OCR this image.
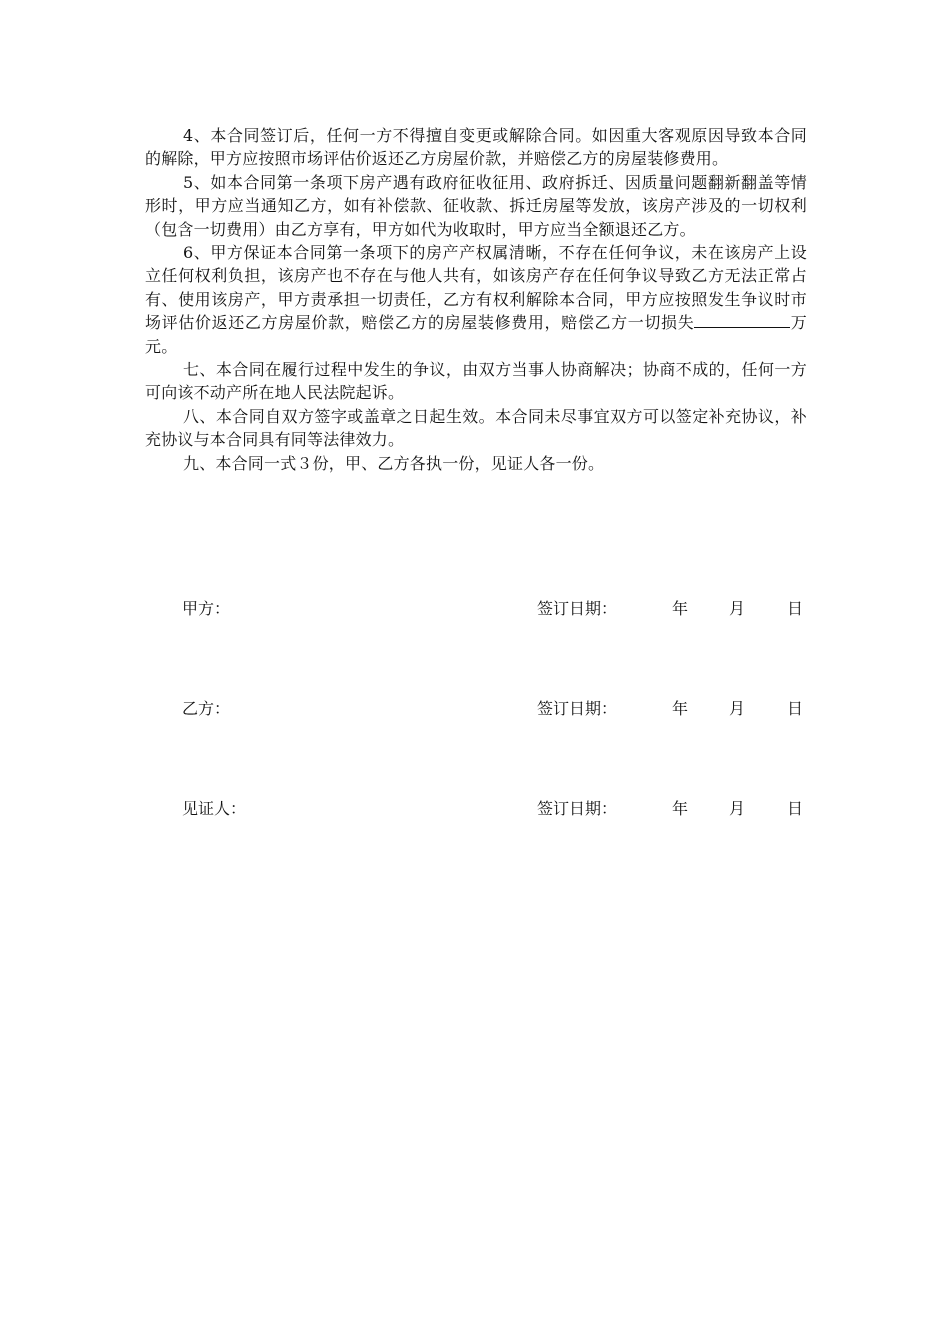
4、本合同签订后，任何一方不得擅自变更或解除合同。如因重大客观原因导致本合同的解除，甲方应按照市场评估价返还乙方房屋价款，并赔偿乙方的房屋装修费用。

5、如本合同第一条项下房产遇有政府征收征用、政府拆迁、因质量问题翻新翻盖等情形时，甲方应当通知乙方，如有补偿款、征收款、拆迁房屋等发放，该房产涉及的一切权利（包含一切费用）由乙方享有，甲方如代为收取时，甲方应当全额退还乙方。

6、甲方保证本合同第一条项下的房产产权属清晰，不存在任何争议，未在该房产上设立任何权利负担，该房产也不存在与他人共有，如该房产存在任何争议导致乙方无法正常占有、使用该房产，甲方责承担一切责任，乙方有权利解除本合同，甲方应按照发生争议时市场评估价返还乙方房屋价款，赔偿乙方的房屋装修费用，赔偿乙方一切损失	万元。

七、本合同在履行过程中发生的争议，由双方当事人协商解决；协商不成的，任何一方可向该不动产所在地人民法院起诉。

八、本合同自双方签字或盖章之日起生效。本合同未尽事宜双方可以签定补充协议，补充协议与本合同具有同等法律效力。

九、本合同一式３份，甲、乙方各执一份，见证人各一份。

甲方：	签订日期：	年	月	日
乙方：	签订日期：	年	月	日
见证人：	签订日期：	年	月	日
